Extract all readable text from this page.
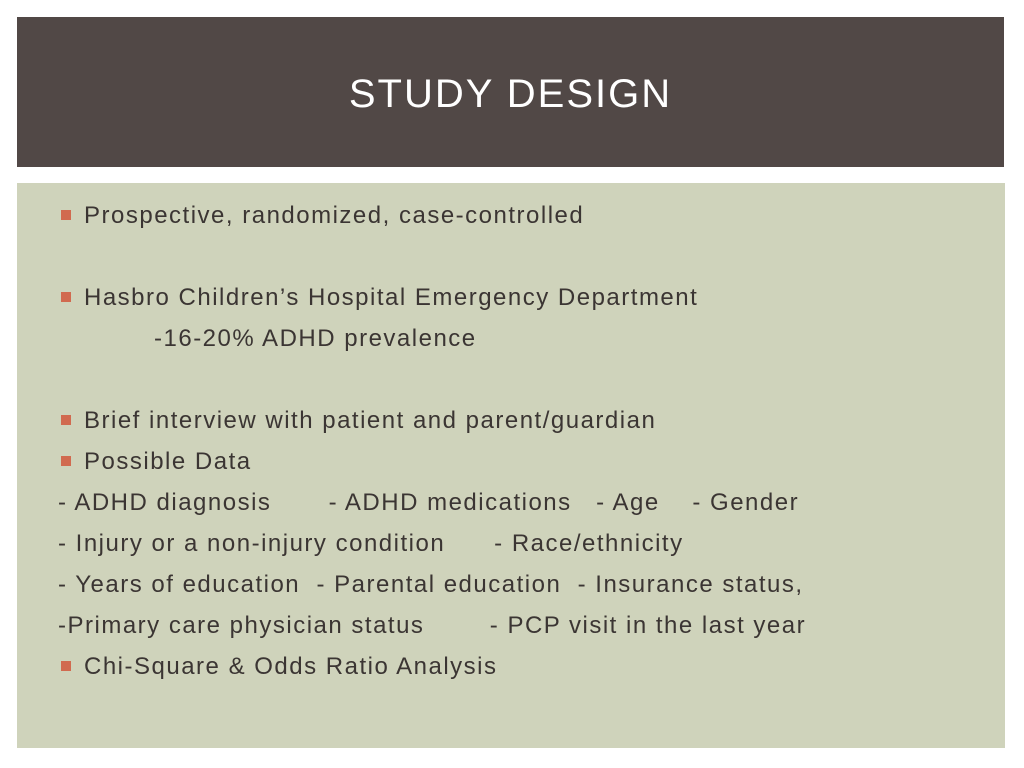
STUDY DESIGN
Prospective, randomized, case-controlled
Hasbro Children’s Hospital Emergency Department
-16-20% ADHD prevalence
Brief interview with patient and parent/guardian
Possible Data
- ADHD diagnosis       - ADHD medications   - Age    - Gender
- Injury or a non-injury condition      - Race/ethnicity
- Years of education  - Parental education  - Insurance status,
-Primary care physician status        - PCP visit in the last year
Chi-Square & Odds Ratio Analysis
